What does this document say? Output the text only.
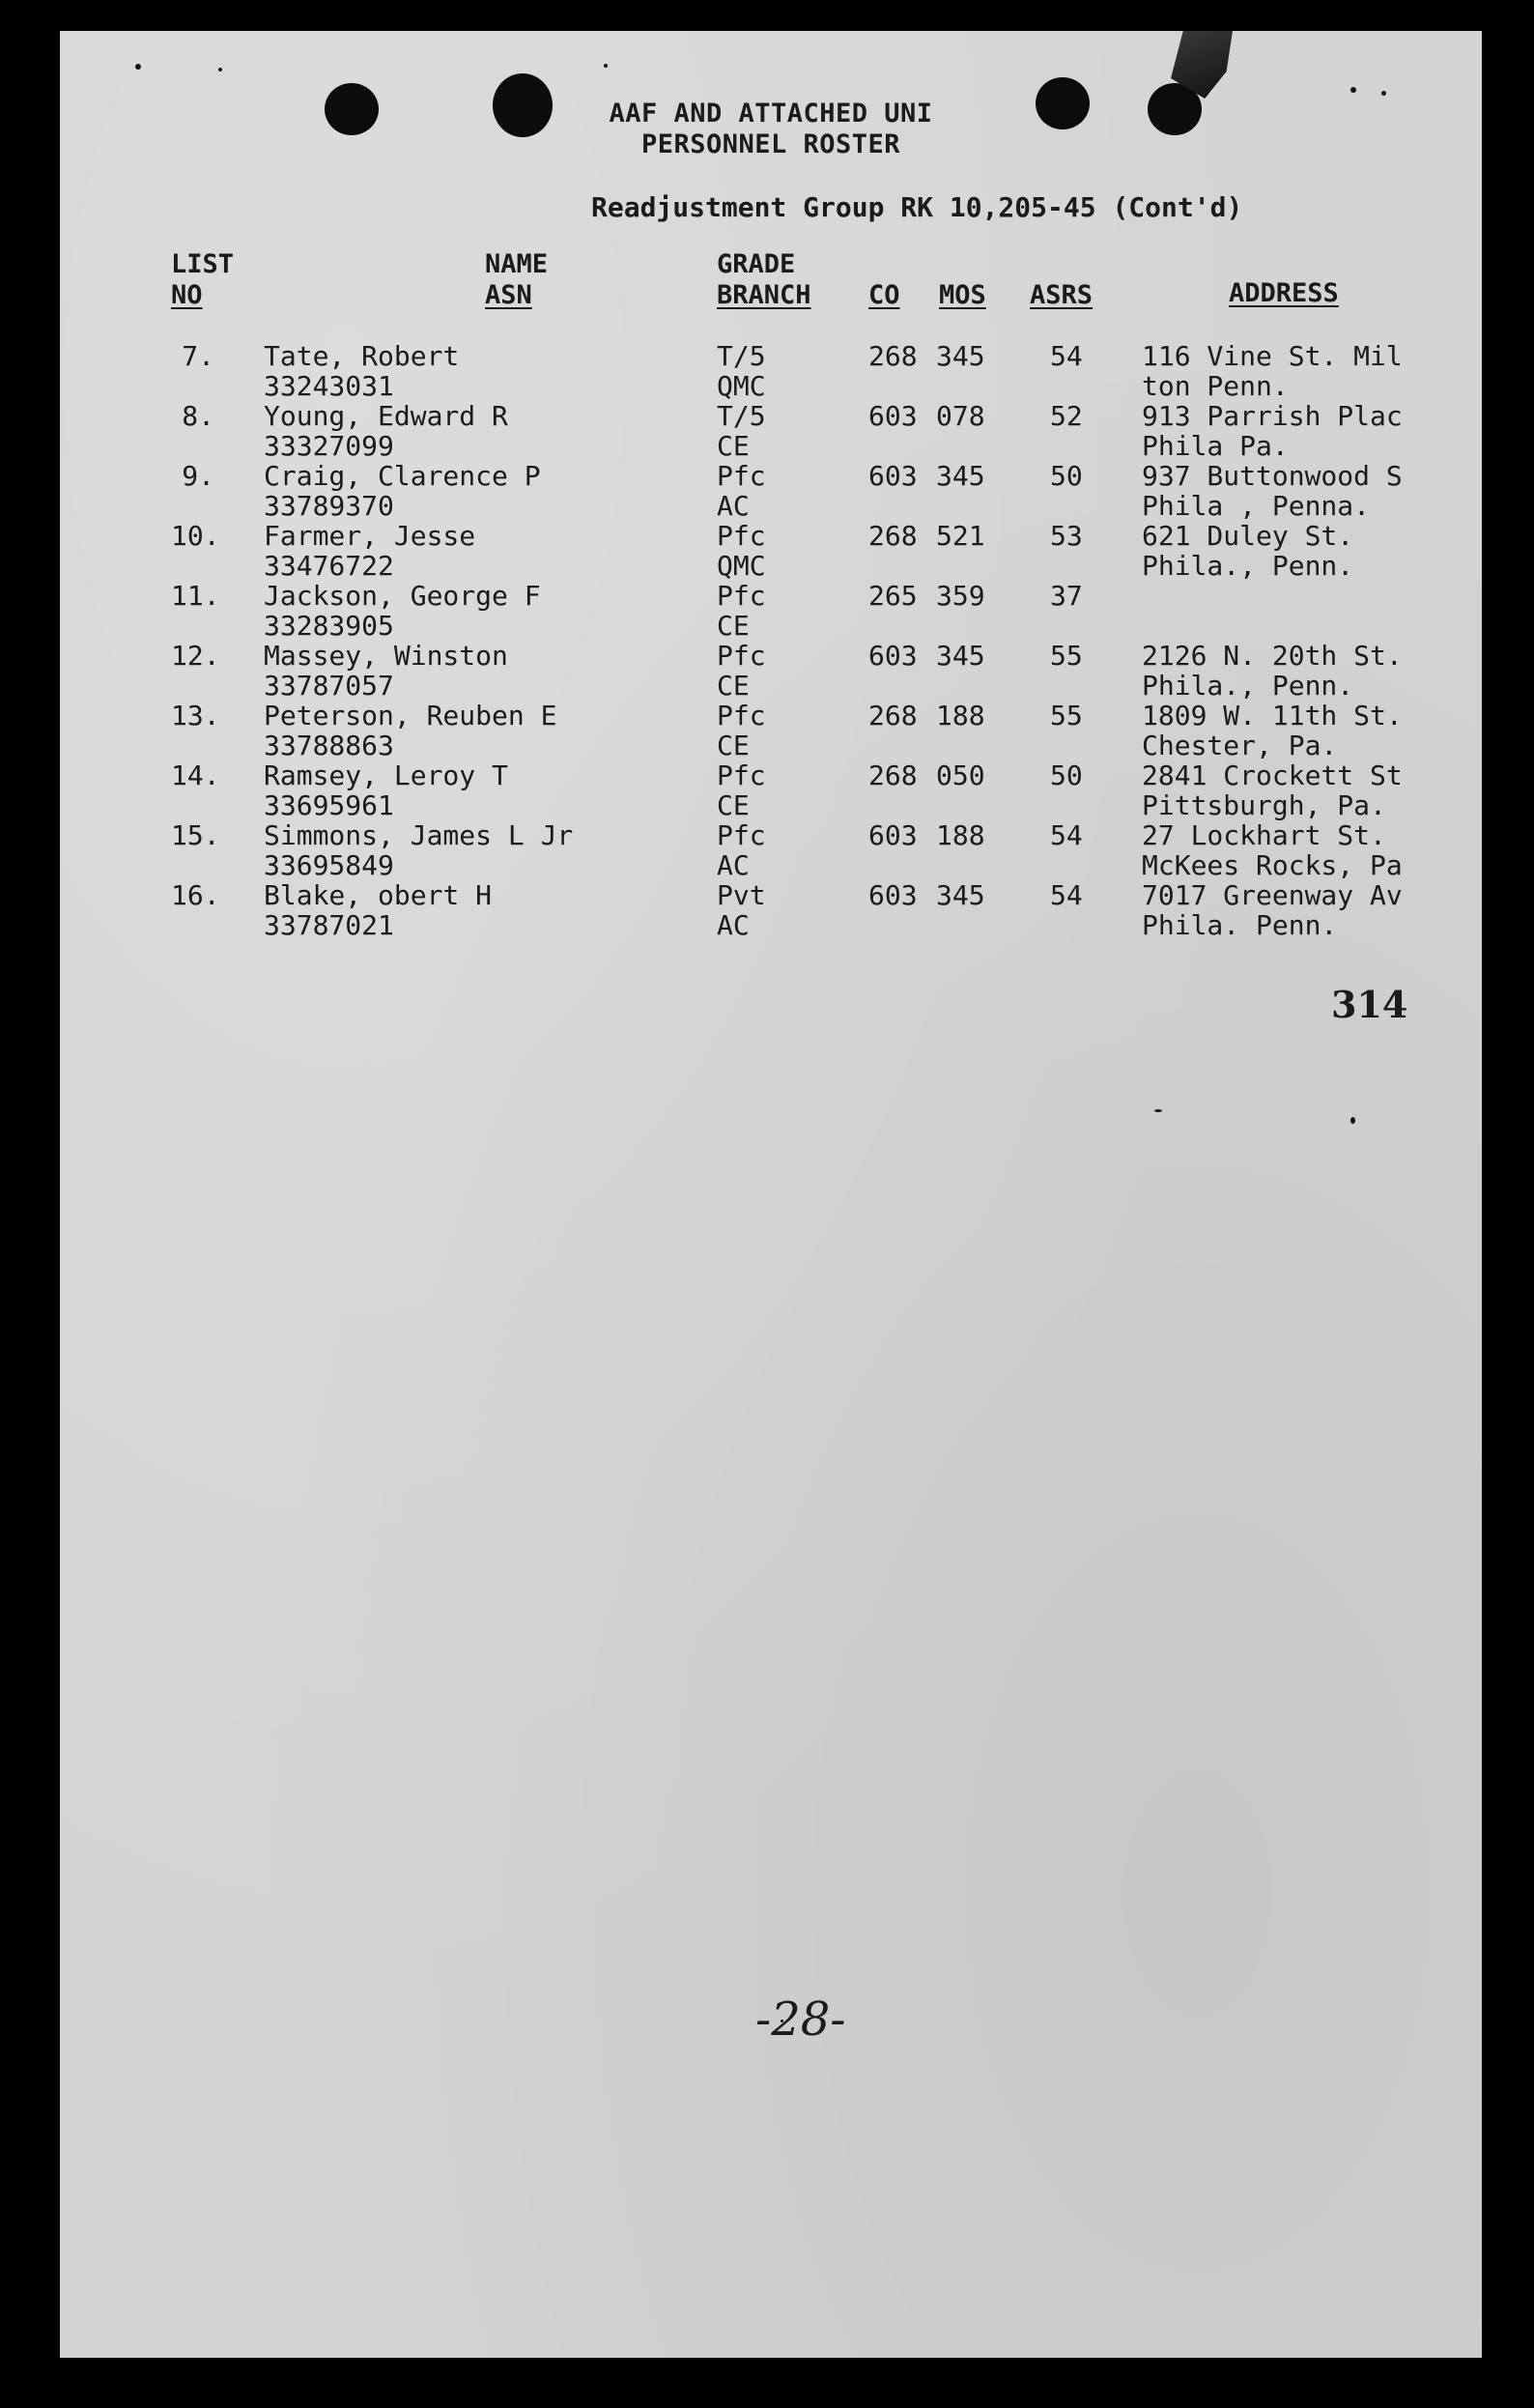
AAF AND ATTACHED UNI
PERSONNEL ROSTER
Readjustment Group RK 10,205-45 (Cont'd)
LIST
NO
NAME
ASN
GRADE
BRANCH CO MOS ASRS	ADDRESS
7. Tate, Robert
33243031
T/5
QMC
268 345 54 116 Vine St. Mil
ton Penn.
8. Young, Edward R
33327099
T/5
CE
603 078 52 913 Parrish Plac
Phila Pa.
9. Craig, Clarence P
33789370
Pfc
AC
603 345 50 937 Buttonwood S
Phila , Penna.
10. Farmer, Jesse
33476722
Pfc
QMC
268 521 53 621 Duley St.
Phila., Penn.
11. Jackson, George F
33283905
Pfc
CE
265 359 37
12. Massey, Winston
33787057
Pfc
CE
603 345 55 2126 N. 20th St.
Phila., Penn.
13. Peterson, Reuben E
33788863
Pfc
CE
268 188 55 1809 W. 11th St.
Chester, Pa.
14. Ramsey, Leroy T
33695961
Pfc
CE
268 050 50 2841 Crockett St
Pittsburgh, Pa.
15. Simmons, James L Jr
33695849
Pfc
AC
603 188 54 27 Lockhart St.
McKees Rocks, Pa
16. Blake, obert H
33787021
Pvt
AC
603 345 54 7017 Greenway Av
Phila. Penn.
314
-28-
